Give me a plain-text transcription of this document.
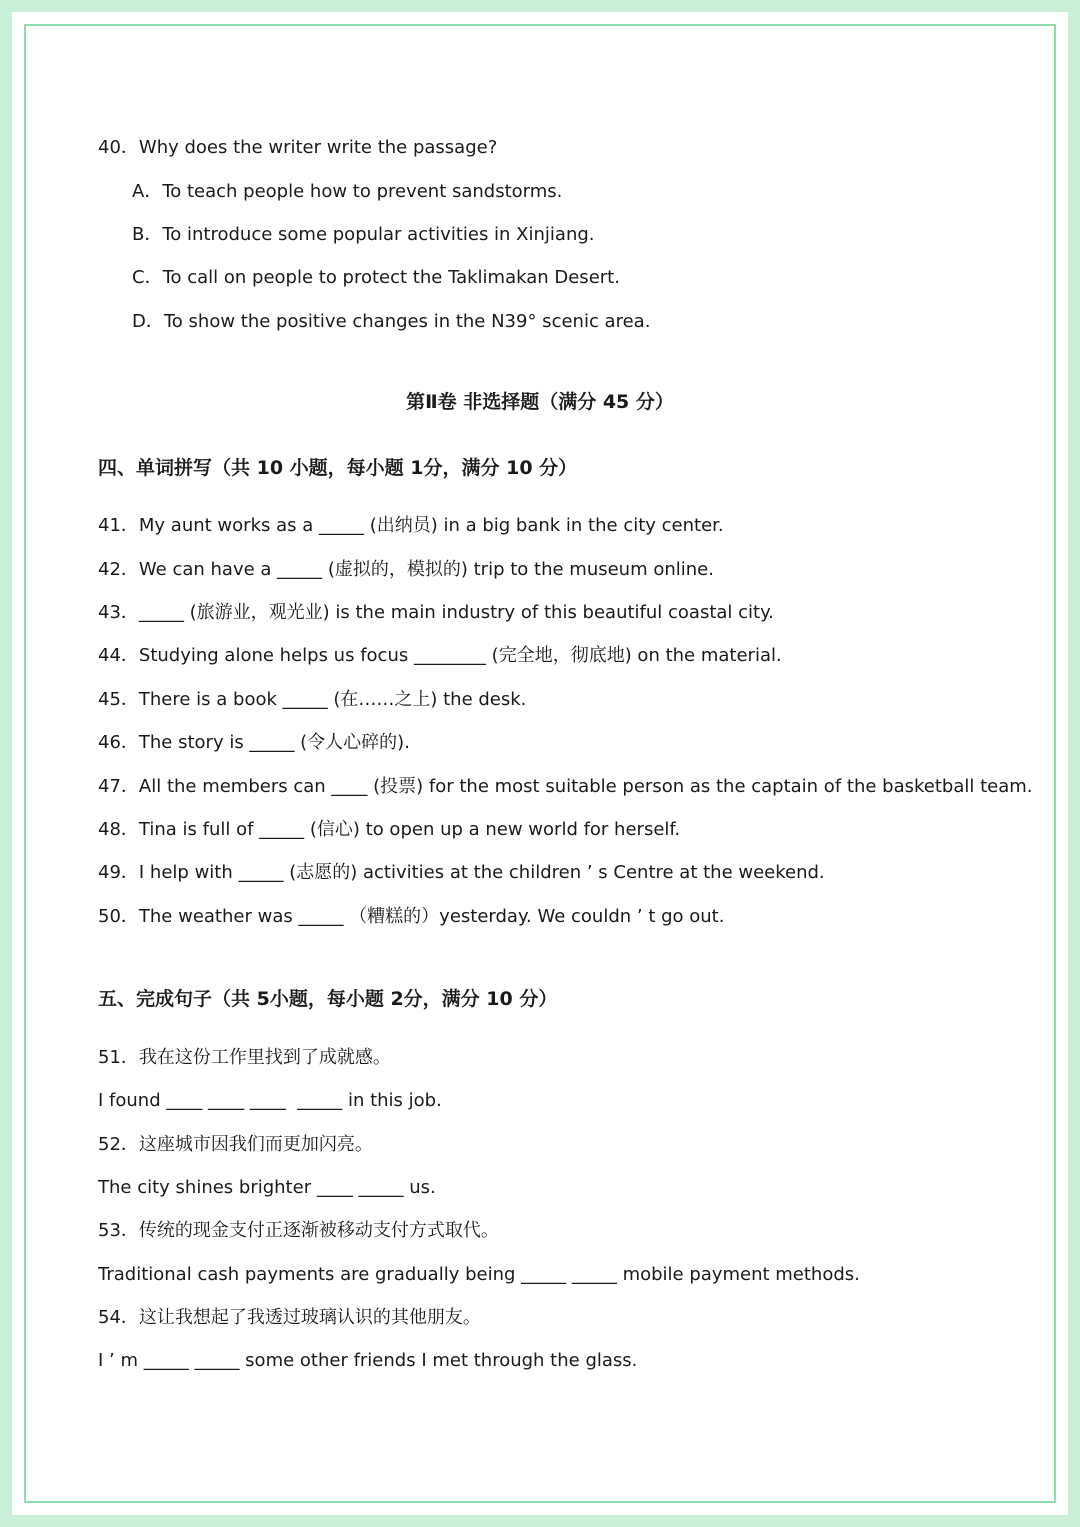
40．Why does the writer write the passage?
A．To teach people how to prevent sandstorms.
B．To introduce some popular activities in Xinjiang.
C．To call on people to protect the Taklimakan Desert.
D．To show the positive changes in the N39° scenic area.
第Ⅱ卷 非选择题（满分 45 分）
四、单词拼写（共 10 小题，每小题 1分，满分 10 分）
41．My aunt works as a _____ (出纳员) in a big bank in the city center.
42．We can have a _____ (虚拟的，模拟的) trip to the museum online.
43．_____ (旅游业，观光业) is the main industry of this beautiful coastal city.
44．Studying alone helps us focus ________ (完全地，彻底地) on the material.
45．There is a book _____ (在……之上) the desk.
46．The story is _____ (令人心碎的).
47．All the members can ____ (投票) for the most suitable person as the captain of the basketball team.
48．Tina is full of _____ (信心) to open up a new world for herself.
49．I help with _____ (志愿的) activities at the children ’ s Centre at the weekend.
50．The weather was _____ （糟糕的）yesterday. We couldn ’ t go out.
五、完成句子（共 5小题，每小题 2分，满分 10 分）
51．我在这份工作里找到了成就感。
I found ____ ____ ____  _____ in this job.
52．这座城市因我们而更加闪亮。
The city shines brighter ____ _____ us.
53．传统的现金支付正逐渐被移动支付方式取代。
Traditional cash payments are gradually being _____ _____ mobile payment methods.
54．这让我想起了我透过玻璃认识的其他朋友。
I ’ m _____ _____ some other friends I met through the glass.
